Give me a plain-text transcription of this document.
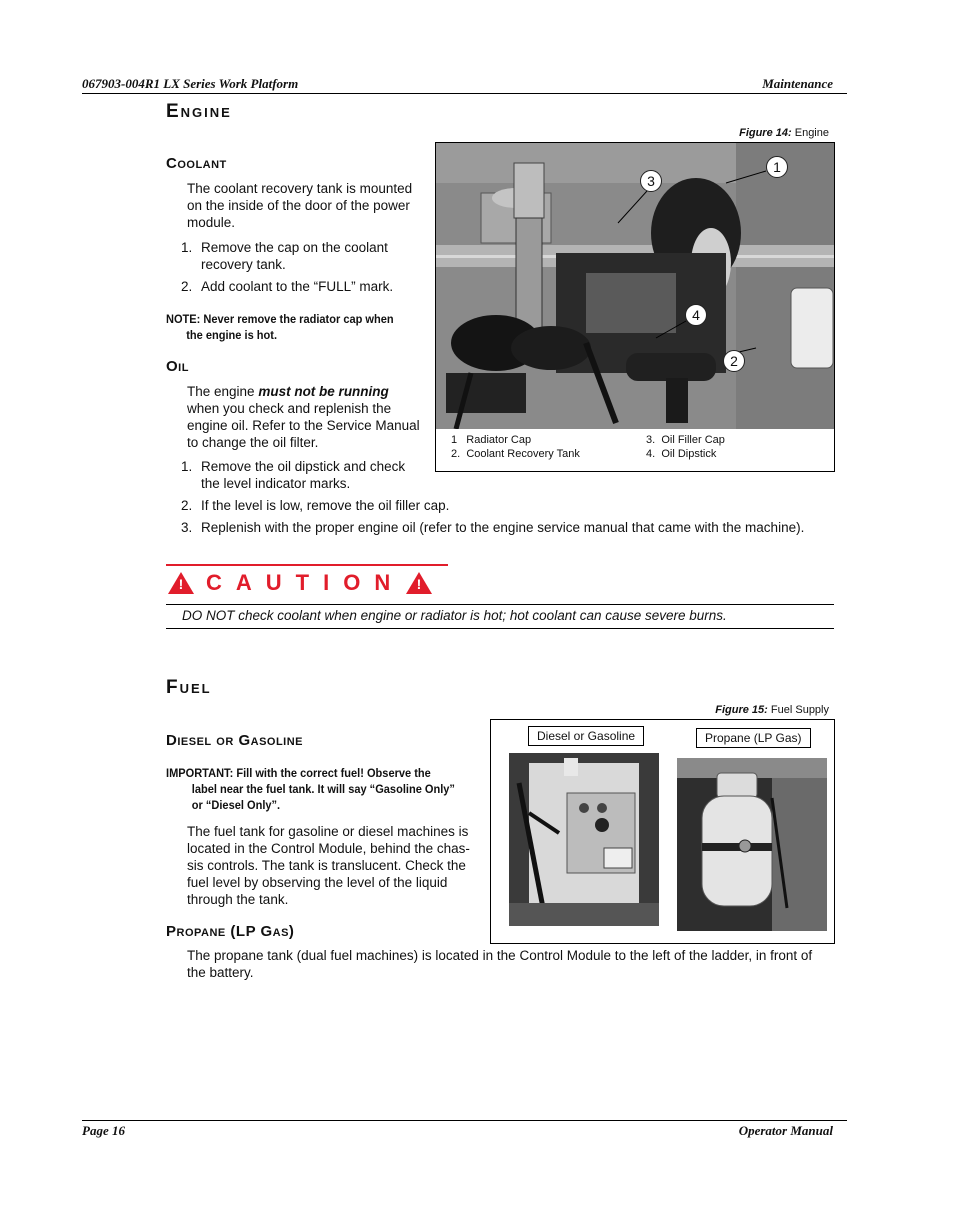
067903-004R1 LX Series Work Platform	Maintenance
Engine
Figure 14: Engine
Coolant
The coolant recovery tank is mounted
on the inside of the door of the power
module.
1. Remove the cap on the coolant
recovery tank.
2. Add coolant to the “FULL” mark.
NOTE: Never remove the radiator cap when
the engine is hot.
Oil
The engine must not be running
when you check and replenish the
engine oil. Refer to the Service Manual
to change the oil filter.
1. Remove the oil dipstick and check
the level indicator marks.
2. If the level is low, remove the oil filler cap.
3. Replenish with the proper engine oil (refer to the engine service manual that came with the machine).
1
2
3
4
1 Radiator Cap
2. Coolant Recovery Tank
3. Oil Filler Cap
4. Oil Dipstick
!	CAUTION !
DO NOT check coolant when engine or radiator is hot; hot coolant can cause severe burns.
Fuel
Figure 15: Fuel Supply
Diesel or Gasoline
IMPORTANT: Fill with the correct fuel! Observe the
label near the fuel tank. It will say “Gasoline Only”
or “Diesel Only”.
The fuel tank for gasoline or diesel machines is
located in the Control Module, behind the chas-
sis controls. The tank is translucent. Check the
fuel level by observing the level of the liquid
through the tank.
Diesel or Gasoline	Propane (LP Gas)
Propane (LP Gas)
The propane tank (dual fuel machines) is located in the Control Module to the left of the ladder, in front of
the battery.
Page 16	Operator Manual
